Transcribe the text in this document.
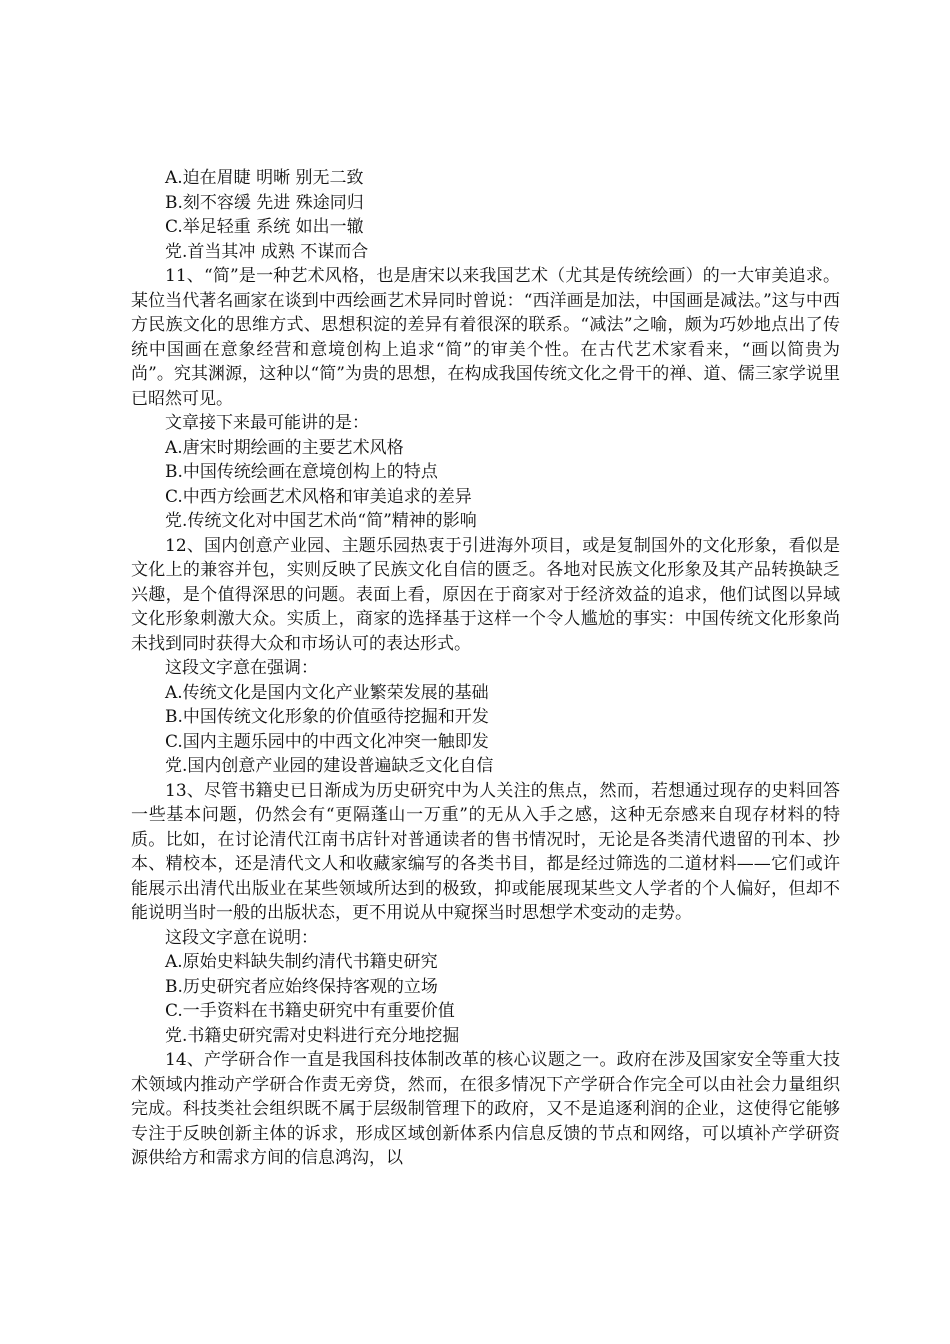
A.迫在眉睫 明晰 别无二致
B.刻不容缓 先进 殊途同归
C.举足轻重 系统 如出一辙
党.首当其冲 成熟 不谋而合

11、“简”是一种艺术风格，也是唐宋以来我国艺术（尤其是传统绘画）的一大审美追求。某位当代著名画家在谈到中西绘画艺术异同时曾说：“西洋画是加法，中国画是减法。”这与中西方民族文化的思维方式、思想积淀的差异有着很深的联系。“减法”之喻，颇为巧妙地点出了传统中国画在意象经营和意境创构上追求“简”的审美个性。在古代艺术家看来，“画以简贵为尚”。究其渊源，这种以“简”为贵的思想，在构成我国传统文化之骨干的禅、道、儒三家学说里已昭然可见。

文章接下来最可能讲的是：
A.唐宋时期绘画的主要艺术风格
B.中国传统绘画在意境创构上的特点
C.中西方绘画艺术风格和审美追求的差异
党.传统文化对中国艺术尚“简”精神的影响

12、国内创意产业园、主题乐园热衷于引进海外项目，或是复制国外的文化形象，看似是文化上的兼容并包，实则反映了民族文化自信的匮乏。各地对民族文化形象及其产品转换缺乏兴趣，是个值得深思的问题。表面上看，原因在于商家对于经济效益的追求，他们试图以异域文化形象刺激大众。实质上，商家的选择基于这样一个令人尴尬的事实：中国传统文化形象尚未找到同时获得大众和市场认可的表达形式。

这段文字意在强调：
A.传统文化是国内文化产业繁荣发展的基础
B.中国传统文化形象的价值亟待挖掘和开发
C.国内主题乐园中的中西文化冲突一触即发
党.国内创意产业园的建设普遍缺乏文化自信

13、尽管书籍史已日渐成为历史研究中为人关注的焦点，然而，若想通过现存的史料回答一些基本问题，仍然会有“更隔蓬山一万重”的无从入手之感，这种无奈感来自现存材料的特质。比如，在讨论清代江南书店针对普通读者的售书情况时，无论是各类清代遗留的刊本、抄本、精校本，还是清代文人和收藏家编写的各类书目，都是经过筛选的二道材料——它们或许能展示出清代出版业在某些领域所达到的极致，抑或能展现某些文人学者的个人偏好，但却不能说明当时一般的出版状态，更不用说从中窥探当时思想学术变动的走势。

这段文字意在说明：
A.原始史料缺失制约清代书籍史研究
B.历史研究者应始终保持客观的立场
C.一手资料在书籍史研究中有重要价值
党.书籍史研究需对史料进行充分地挖掘

14、产学研合作一直是我国科技体制改革的核心议题之一。政府在涉及国家安全等重大技术领域内推动产学研合作责无旁贷，然而，在很多情况下产学研合作完全可以由社会力量组织完成。科技类社会组织既不属于层级制管理下的政府，又不是追逐利润的企业，这使得它能够专注于反映创新主体的诉求，形成区域创新体系内信息反馈的节点和网络，可以填补产学研资源供给方和需求方间的信息鸿沟，以
